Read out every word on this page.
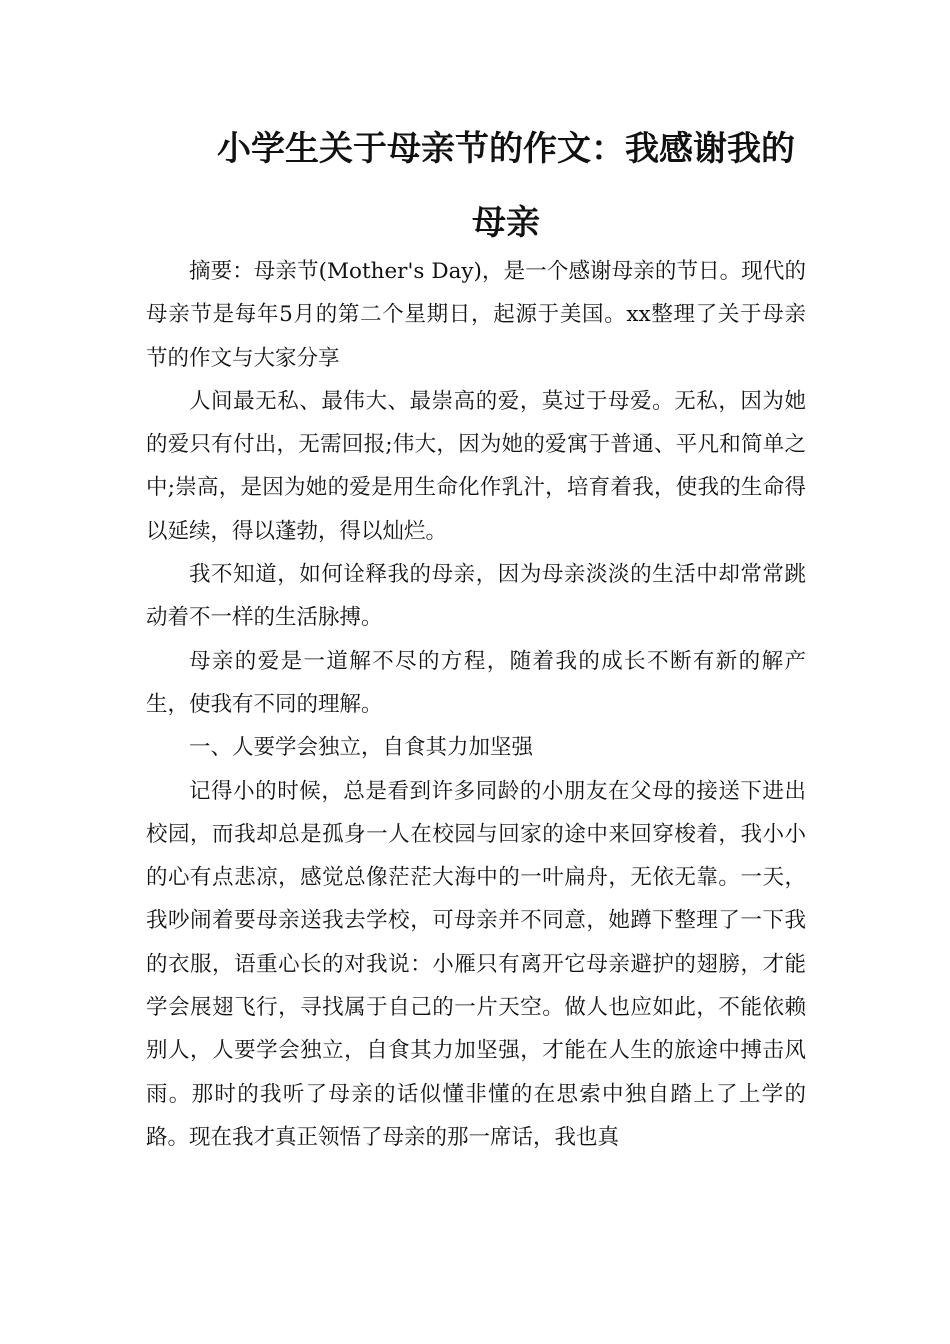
小学生关于母亲节的作文：我感谢我的母亲

摘要：母亲节(Mother's Day)，是一个感谢母亲的节日。现代的母亲节是每年5月的第二个星期日，起源于美国。xx整理了关于母亲节的作文与大家分享

人间最无私、最伟大、最崇高的爱，莫过于母爱。无私，因为她的爱只有付出，无需回报;伟大，因为她的爱寓于普通、平凡和简单之中;崇高，是因为她的爱是用生命化作乳汁，培育着我，使我的生命得以延续，得以蓬勃，得以灿烂。

我不知道，如何诠释我的母亲，因为母亲淡淡的生活中却常常跳动着不一样的生活脉搏。

母亲的爱是一道解不尽的方程，随着我的成长不断有新的解产生，使我有不同的理解。

一、人要学会独立，自食其力加坚强

记得小的时候，总是看到许多同龄的小朋友在父母的接送下进出校园，而我却总是孤身一人在校园与回家的途中来回穿梭着，我小小的心有点悲凉，感觉总像茫茫大海中的一叶扁舟，无依无靠。一天，我吵闹着要母亲送我去学校，可母亲并不同意，她蹲下整理了一下我的衣服，语重心长的对我说：小雁只有离开它母亲避护的翅膀，才能学会展翅飞行，寻找属于自己的一片天空。做人也应如此，不能依赖别人，人要学会独立，自食其力加坚强，才能在人生的旅途中搏击风雨。那时的我听了母亲的话似懂非懂的在思索中独自踏上了上学的路。现在我才真正领悟了母亲的那一席话，我也真
